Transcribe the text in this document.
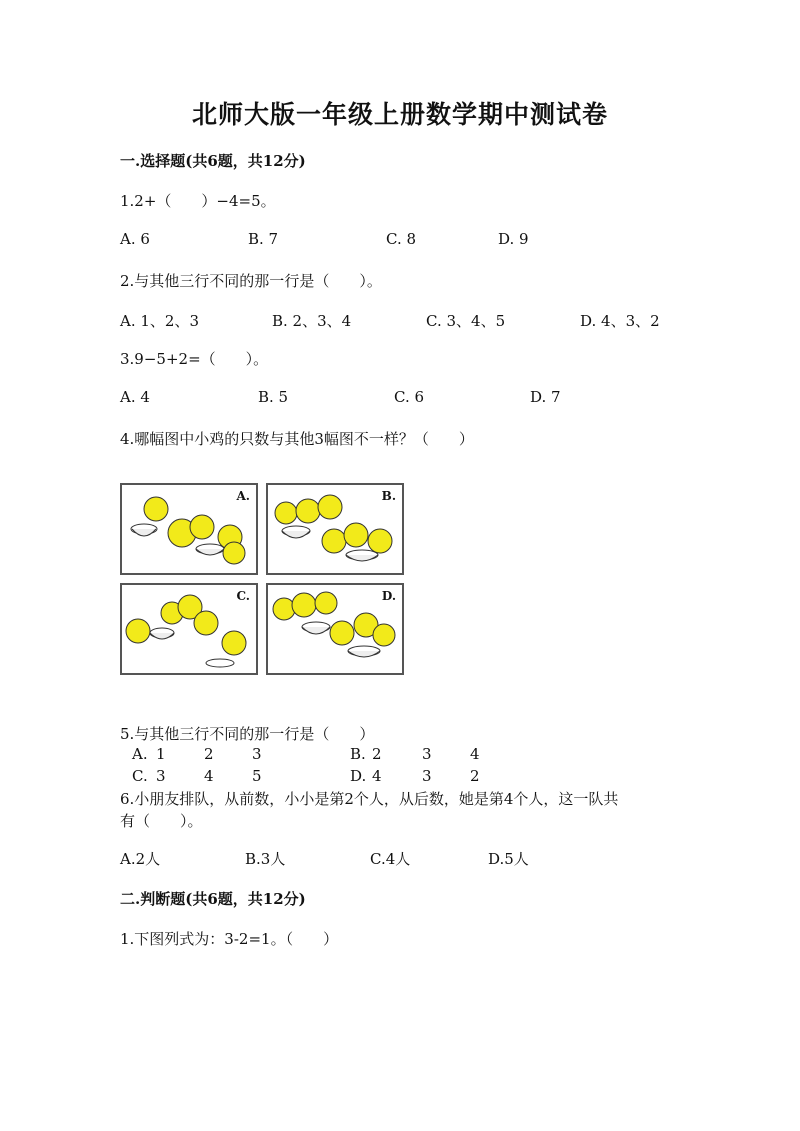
北师大版一年级上册数学期中测试卷
一.选择题(共6题，共12分)
1.2+（　　）−4=5。
A. 6	B. 7	C. 8	D. 9
2.与其他三行不同的那一行是（　　）。
A. 1、2、3	B. 2、3、4	C. 3、4、5	D. 4、3、2
3.9−5+2=（　　）。
A. 4	B. 5	C. 6	D. 7
4.哪幅图中小鸡的只数与其他3幅图不一样？（　　）
A.	B.
C.	D.
5.与其他三行不同的那一行是（　　）
A. 1	2	3	B. 2	3	4
C. 3	4	5	D. 4	3	2
6.小朋友排队，从前数，小小是第2个人，从后数，她是第4个人，这一队共
有（　　）。
A.2人	B.3人	C.4人	D.5人
二.判断题(共6题，共12分)
1.下图列式为：3-2=1。（　　）
